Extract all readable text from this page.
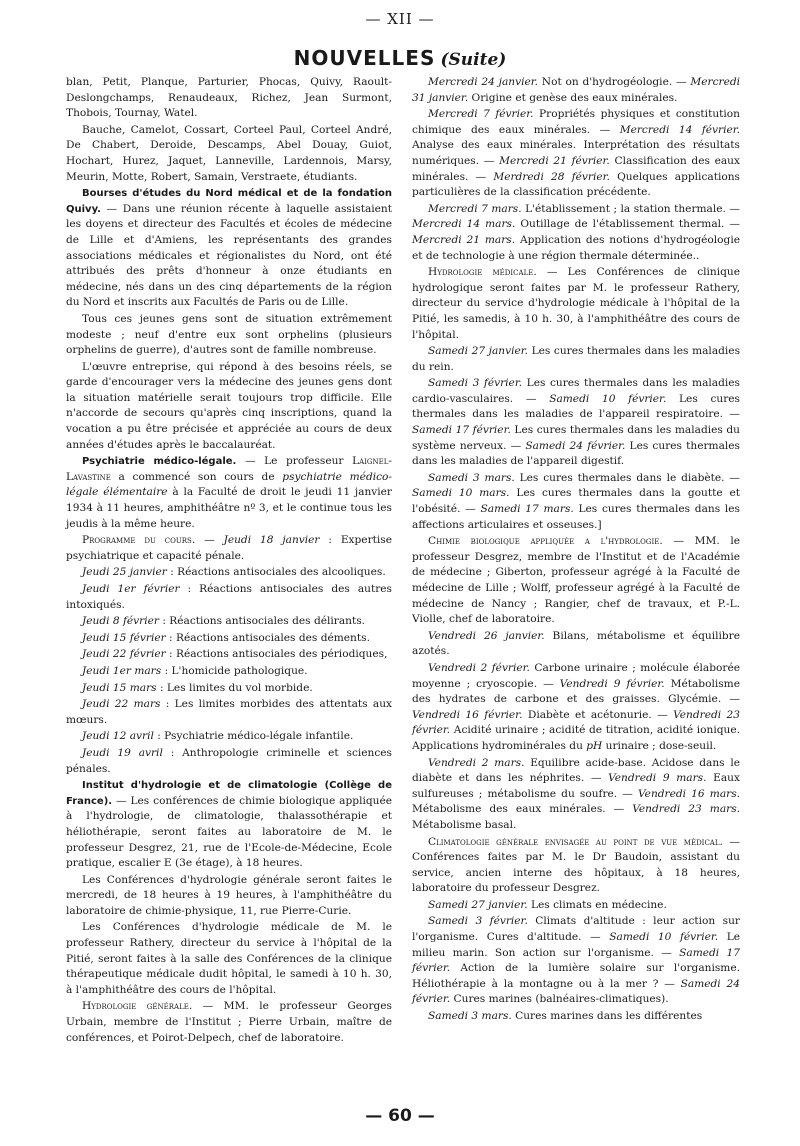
— XII —
NOUVELLES (Suite)

blan, Petit, Planque, Parturier, Phocas, Quivy, Raoult-Deslongchamps, Renaudeaux, Richez, Jean Surmont, Thobois, Tournay, Watel.

Bauche, Camelot, Cossart, Corteel Paul, Corteel André, De Chabert, Deroide, Descamps, Abel Douay, Guiot, Hochart, Hurez, Jaquet, Lanneville, Lardennois, Marsy, Meurin, Motte, Robert, Samain, Verstraete, étudiants.

Bourses d'études du Nord médical et de la fondation Quivy. — Dans une réunion récente à laquelle assistaient les doyens et directeur des Facultés et écoles de médecine de Lille et d'Amiens, les représentants des grandes associations médicales et régionalistes du Nord, ont été attribués des prêts d'honneur à onze étudiants en médecine, nés dans un des cinq départements de la région du Nord et inscrits aux Facultés de Paris ou de Lille.

Tous ces jeunes gens sont de situation extrêmement modeste ; neuf d'entre eux sont orphelins (plusieurs orphelins de guerre), d'autres sont de famille nombreuse.

L'œuvre entreprise, qui répond à des besoins réels, se garde d'encourager vers la médecine des jeunes gens dont la situation matérielle serait toujours trop difficile. Elle n'accorde de secours qu'après cinq inscriptions, quand la vocation a pu être précisée et appréciée au cours de deux années d'études après le baccalauréat.

Psychiatrie médico-légale. — Le professeur Laignel-Lavastine a commencé son cours de psychiatrie médico-légale élémentaire à la Faculté de droit le jeudi 11 janvier 1934 à 11 heures, amphithéâtre nº 3, et le continue tous les jeudis à la même heure.

Programme du cours. — Jeudi 18 janvier : Expertise psychiatrique et capacité pénale.

Jeudi 25 janvier : Réactions antisociales des alcooliques.

Jeudi 1er février : Réactions antisociales des autres intoxiqués.

Jeudi 8 février : Réactions antisociales des délirants.

Jeudi 15 février : Réactions antisociales des déments.

Jeudi 22 février : Réactions antisociales des périodiques,

Jeudi 1er mars : L'homicide pathologique.

Jeudi 15 mars : Les limites du vol morbide.

Jeudi 22 mars : Les limites morbides des attentats aux mœurs.

Jeudi 12 avril : Psychiatrie médico-légale infantile.

Jeudi 19 avril : Anthropologie criminelle et sciences pénales.

Institut d'hydrologie et de climatologie (Collège de France). — Les conférences de chimie biologique appliquée à l'hydrologie, de climatologie, thalassothérapie et héliothérapie, seront faites au laboratoire de M. le professeur Desgrez, 21, rue de l'Ecole-de-Médecine, Ecole pratique, escalier E (3e étage), à 18 heures.

Les Conférences d'hydrologie générale seront faites le mercredi, de 18 heures à 19 heures, à l'amphithéâtre du laboratoire de chimie-physique, 11, rue Pierre-Curie.

Les Conférences d'hydrologie médicale de M. le professeur Rathery, directeur du service à l'hôpital de la Pitié, seront faites à la salle des Conférences de la clinique thérapeutique médicale dudit hôpital, le samedi à 10 h. 30, à l'amphithéâtre des cours de l'hôpital.

Hydrologie générale. — MM. le professeur Georges Urbain, membre de l'Institut ; Pierre Urbain, maître de conférences, et Poirot-Delpech, chef de laboratoire.

Mercredi 24 janvier. Not on d'hydrogéologie. — Mercredi 31 janvier. Origine et genèse des eaux minérales.

Mercredi 7 février. Propriétés physiques et constitution chimique des eaux minérales. — Mercredi 14 février. Analyse des eaux minérales. Interprétation des résultats numériques. — Mercredi 21 février. Classification des eaux minérales. — Merdredi 28 février. Quelques applications particulières de la classification précédente.

Mercredi 7 mars. L'établissement ; la station thermale. — Mercredi 14 mars. Outillage de l'établissement thermal. — Mercredi 21 mars. Application des notions d'hydrogéologie et de technologie à une région thermale déterminée..

Hydrologie médicale. — Les Conférences de clinique hydrologique seront faites par M. le professeur Rathery, directeur du service d'hydrologie médicale à l'hôpital de la Pitié, les samedis, à 10 h. 30, à l'amphithéâtre des cours de l'hôpital.

Samedi 27 janvier. Les cures thermales dans les maladies du rein.

Samedi 3 février. Les cures thermales dans les maladies cardio-vasculaires. — Samedi 10 février. Les cures thermales dans les maladies de l'appareil respiratoire. — Samedi 17 février. Les cures thermales dans les maladies du système nerveux. — Samedi 24 février. Les cures thermales dans les maladies de l'appareil digestif.

Samedi 3 mars. Les cures thermales dans le diabète. — Samedi 10 mars. Les cures thermales dans la goutte et l'obésité. — Samedi 17 mars. Les cures thermales dans les affections articulaires et osseuses.]

Chimie biologique appliquée a l'hydrologie. — MM. le professeur Desgrez, membre de l'Institut et de l'Académie de médecine ; Giberton, professeur agrégé à la Faculté de médecine de Lille ; Wolff, professeur agrégé à la Faculté de médecine de Nancy ; Rangier, chef de travaux, et P.-L. Violle, chef de laboratoire.

Vendredi 26 janvier. Bilans, métabolisme et équilibre azotés.

Vendredi 2 février. Carbone urinaire ; molécule élaborée moyenne ; cryoscopie. — Vendredi 9 février. Métabolisme des hydrates de carbone et des graisses. Glycémie. — Vendredi 16 février. Diabète et acétonurie. — Vendredi 23 février. Acidité urinaire ; acidité de titration, acidité ionique. Applications hydrominérales du pH urinaire ; dose-seuil.

Vendredi 2 mars. Equilibre acide-base. Acidose dans le diabète et dans les néphrites. — Vendredi 9 mars. Eaux sulfureuses ; métabolisme du soufre. — Vendredi 16 mars. Métabolisme des eaux minérales. — Vendredi 23 mars. Métabolisme basal.

Climatologie générale envisagée au point de vue médical. — Conférences faites par M. le Dr Baudoin, assistant du service, ancien interne des hôpitaux, à 18 heures, laboratoire du professeur Desgrez.

Samedi 27 janvier. Les climats en médecine.

Samedi 3 février. Climats d'altitude : leur action sur l'organisme. Cures d'altitude. — Samedi 10 février. Le milieu marin. Son action sur l'organisme. — Samedi 17 février. Action de la lumière solaire sur l'organisme. Héliothérapie à la montagne ou à la mer ? — Samedi 24 février. Cures marines (balnéaires-climatiques).

Samedi 3 mars. Cures marines dans les différentes

— 60 —
